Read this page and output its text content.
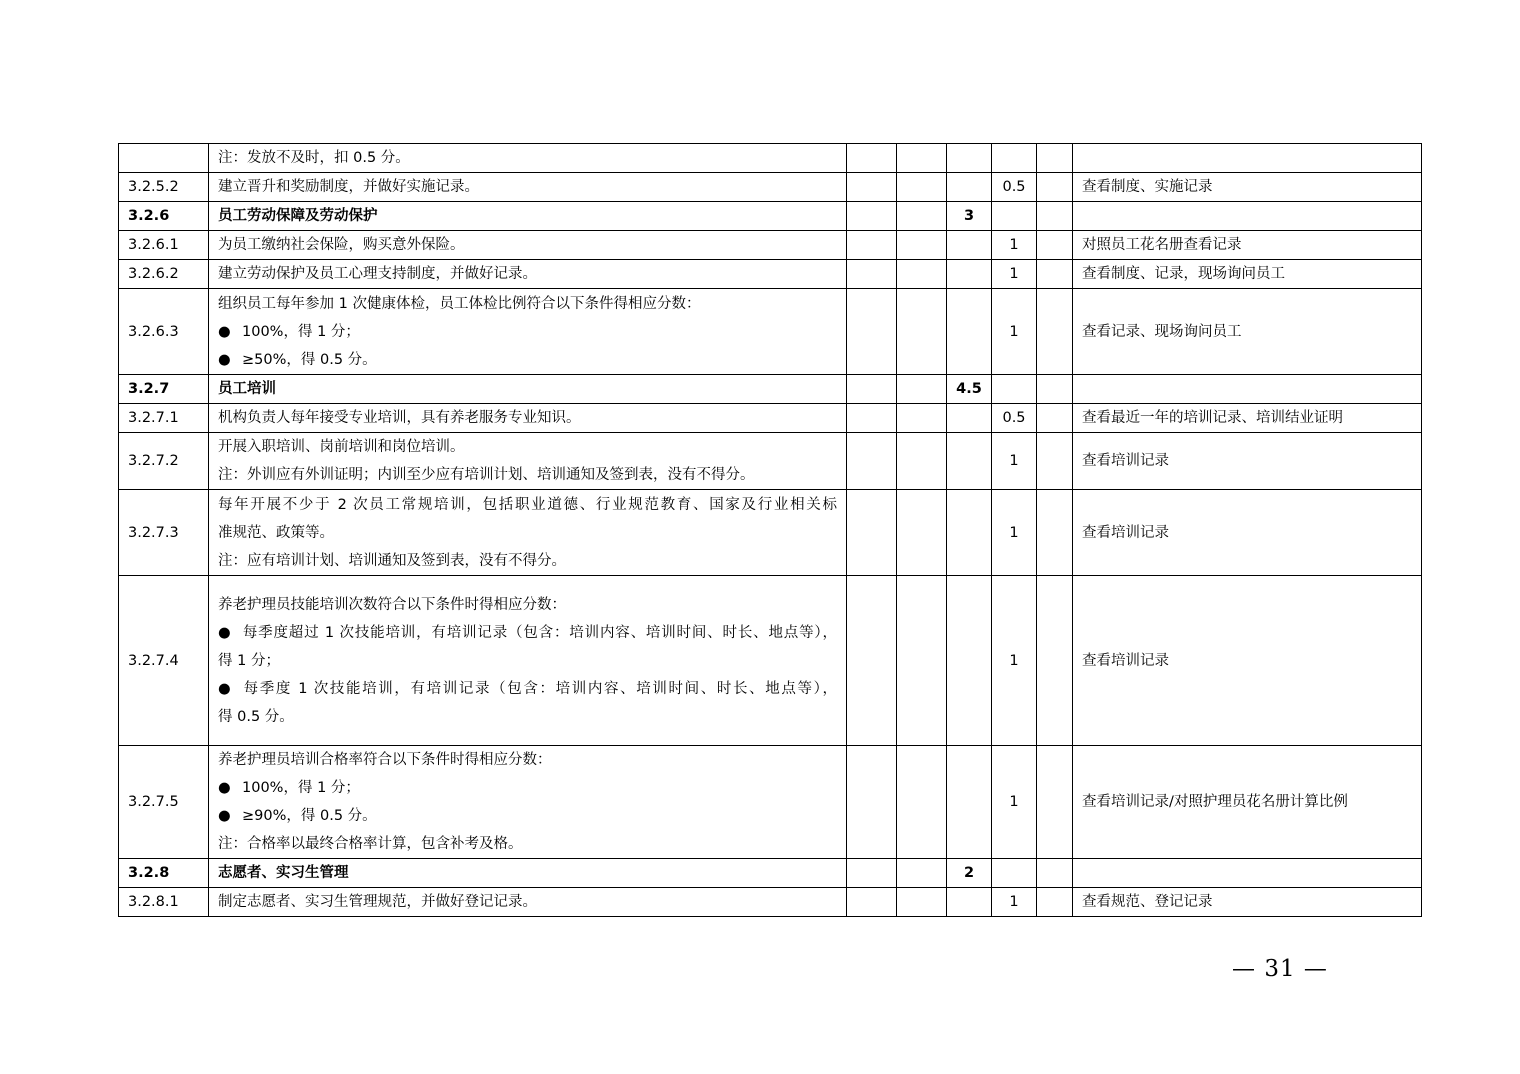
	注：发放不及时，扣 0.5 分。						

3.2.5.2	建立晋升和奖励制度，并做好实施记录。				0.5		查看制度、实施记录
3.2.6	员工劳动保障及劳动保护			3			
3.2.6.1	为员工缴纳社会保险，购买意外保险。				1		对照员工花名册查看记录
3.2.6.2	建立劳动保护及员工心理支持制度，并做好记录。				1		查看制度、记录，现场询问员工
3.2.6.3	组织员工每年参加 1 次健康体检，员工体检比例符合以下条件得相应分数：
● 100%，得 1 分；
● ≥50%，得 0.5 分。				1		查看记录、现场询问员工
3.2.7	员工培训			4.5			
3.2.7.1	机构负责人每年接受专业培训，具有养老服务专业知识。				0.5		查看最近一年的培训记录、培训结业证明
3.2.7.2	开展入职培训、岗前培训和岗位培训。
注：外训应有外训证明；内训至少应有培训计划、培训通知及签到表，没有不得分。				1		查看培训记录
3.2.7.3	每年开展不少于 2 次员工常规培训，包括职业道德、行业规范教育、国家及行业相关标
准规范、政策等。
注：应有培训计划、培训通知及签到表，没有不得分。				1		查看培训记录
3.2.7.4	养老护理员技能培训次数符合以下条件时得相应分数：
● 每季度超过 1 次技能培训，有培训记录（包含：培训内容、培训时间、时长、地点等），
得 1 分；
● 每季度 1 次技能培训，有培训记录（包含：培训内容、培训时间、时长、地点等），
得 0.5 分。				1		查看培训记录
3.2.7.5	养老护理员培训合格率符合以下条件时得相应分数：
● 100%，得 1 分；
● ≥90%，得 0.5 分。
注：合格率以最终合格率计算，包含补考及格。				1		查看培训记录/对照护理员花名册计算比例
3.2.8	志愿者、实习生管理			2			
3.2.8.1	制定志愿者、实习生管理规范，并做好登记记录。				1		查看规范、登记记录
— 31 —
